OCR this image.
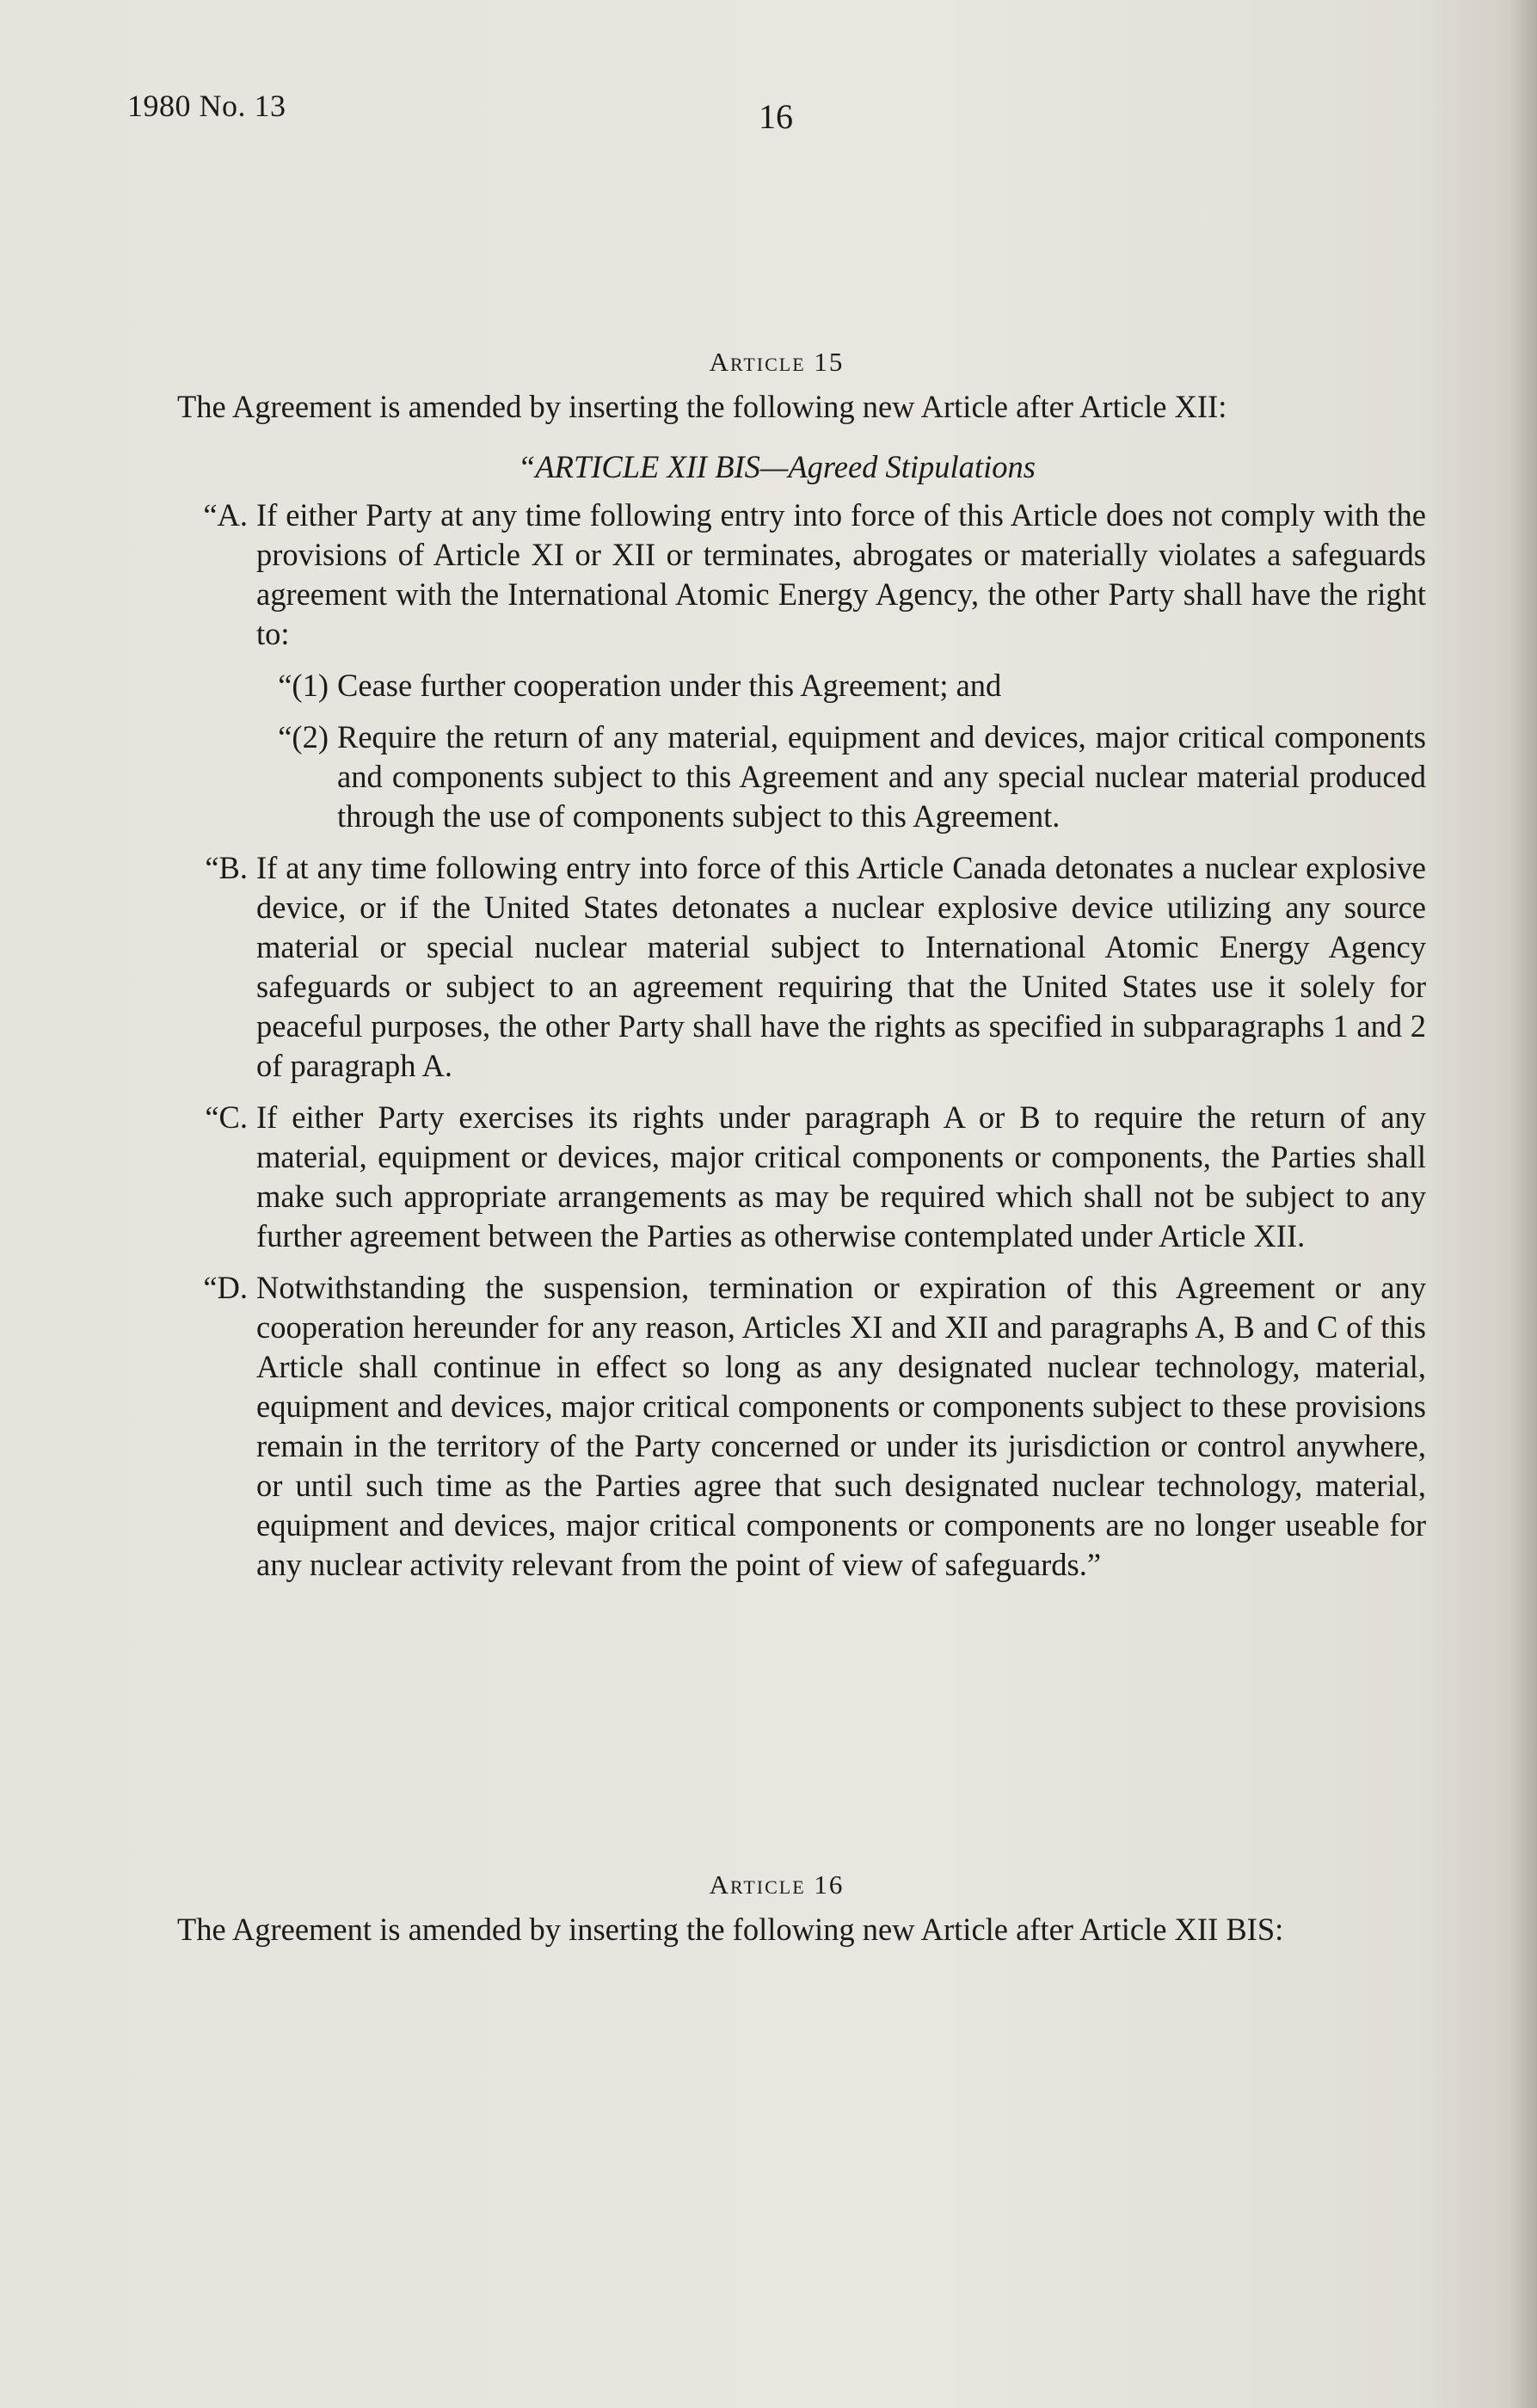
1980 No. 13	16
Article 15

The Agreement is amended by inserting the following new Article after Article XII:

“ARTICLE XII BIS—Agreed Stipulations
“A. If either Party at any time following entry into force of this Article does not comply with the provisions of Article XI or XII or terminates, abrogates or materially violates a safeguards agreement with the International Atomic Energy Agency, the other Party shall have the right to:
“(1) Cease further cooperation under this Agreement; and
“(2) Require the return of any material, equipment and devices, major critical components and components subject to this Agreement and any special nuclear material produced through the use of components subject to this Agreement.
“B. If at any time following entry into force of this Article Canada detonates a nuclear explosive device, or if the United States detonates a nuclear explosive device utilizing any source material or special nuclear material subject to International Atomic Energy Agency safeguards or subject to an agreement requiring that the United States use it solely for peaceful purposes, the other Party shall have the rights as specified in subparagraphs 1 and 2 of paragraph A.
“C. If either Party exercises its rights under paragraph A or B to require the return of any material, equipment or devices, major critical components or components, the Parties shall make such appropriate arrangements as may be required which shall not be subject to any further agreement between the Parties as otherwise contemplated under Article XII.
“D. Notwithstanding the suspension, termination or expiration of this Agreement or any cooperation hereunder for any reason, Articles XI and XII and paragraphs A, B and C of this Article shall continue in effect so long as any designated nuclear technology, material, equipment and devices, major critical components or components subject to these provisions remain in the territory of the Party concerned or under its jurisdiction or control anywhere, or until such time as the Parties agree that such designated nuclear technology, material, equipment and devices, major critical components or components are no longer useable for any nuclear activity relevant from the point of view of safeguards.”
Article 16

The Agreement is amended by inserting the following new Article after Article XII BIS:
